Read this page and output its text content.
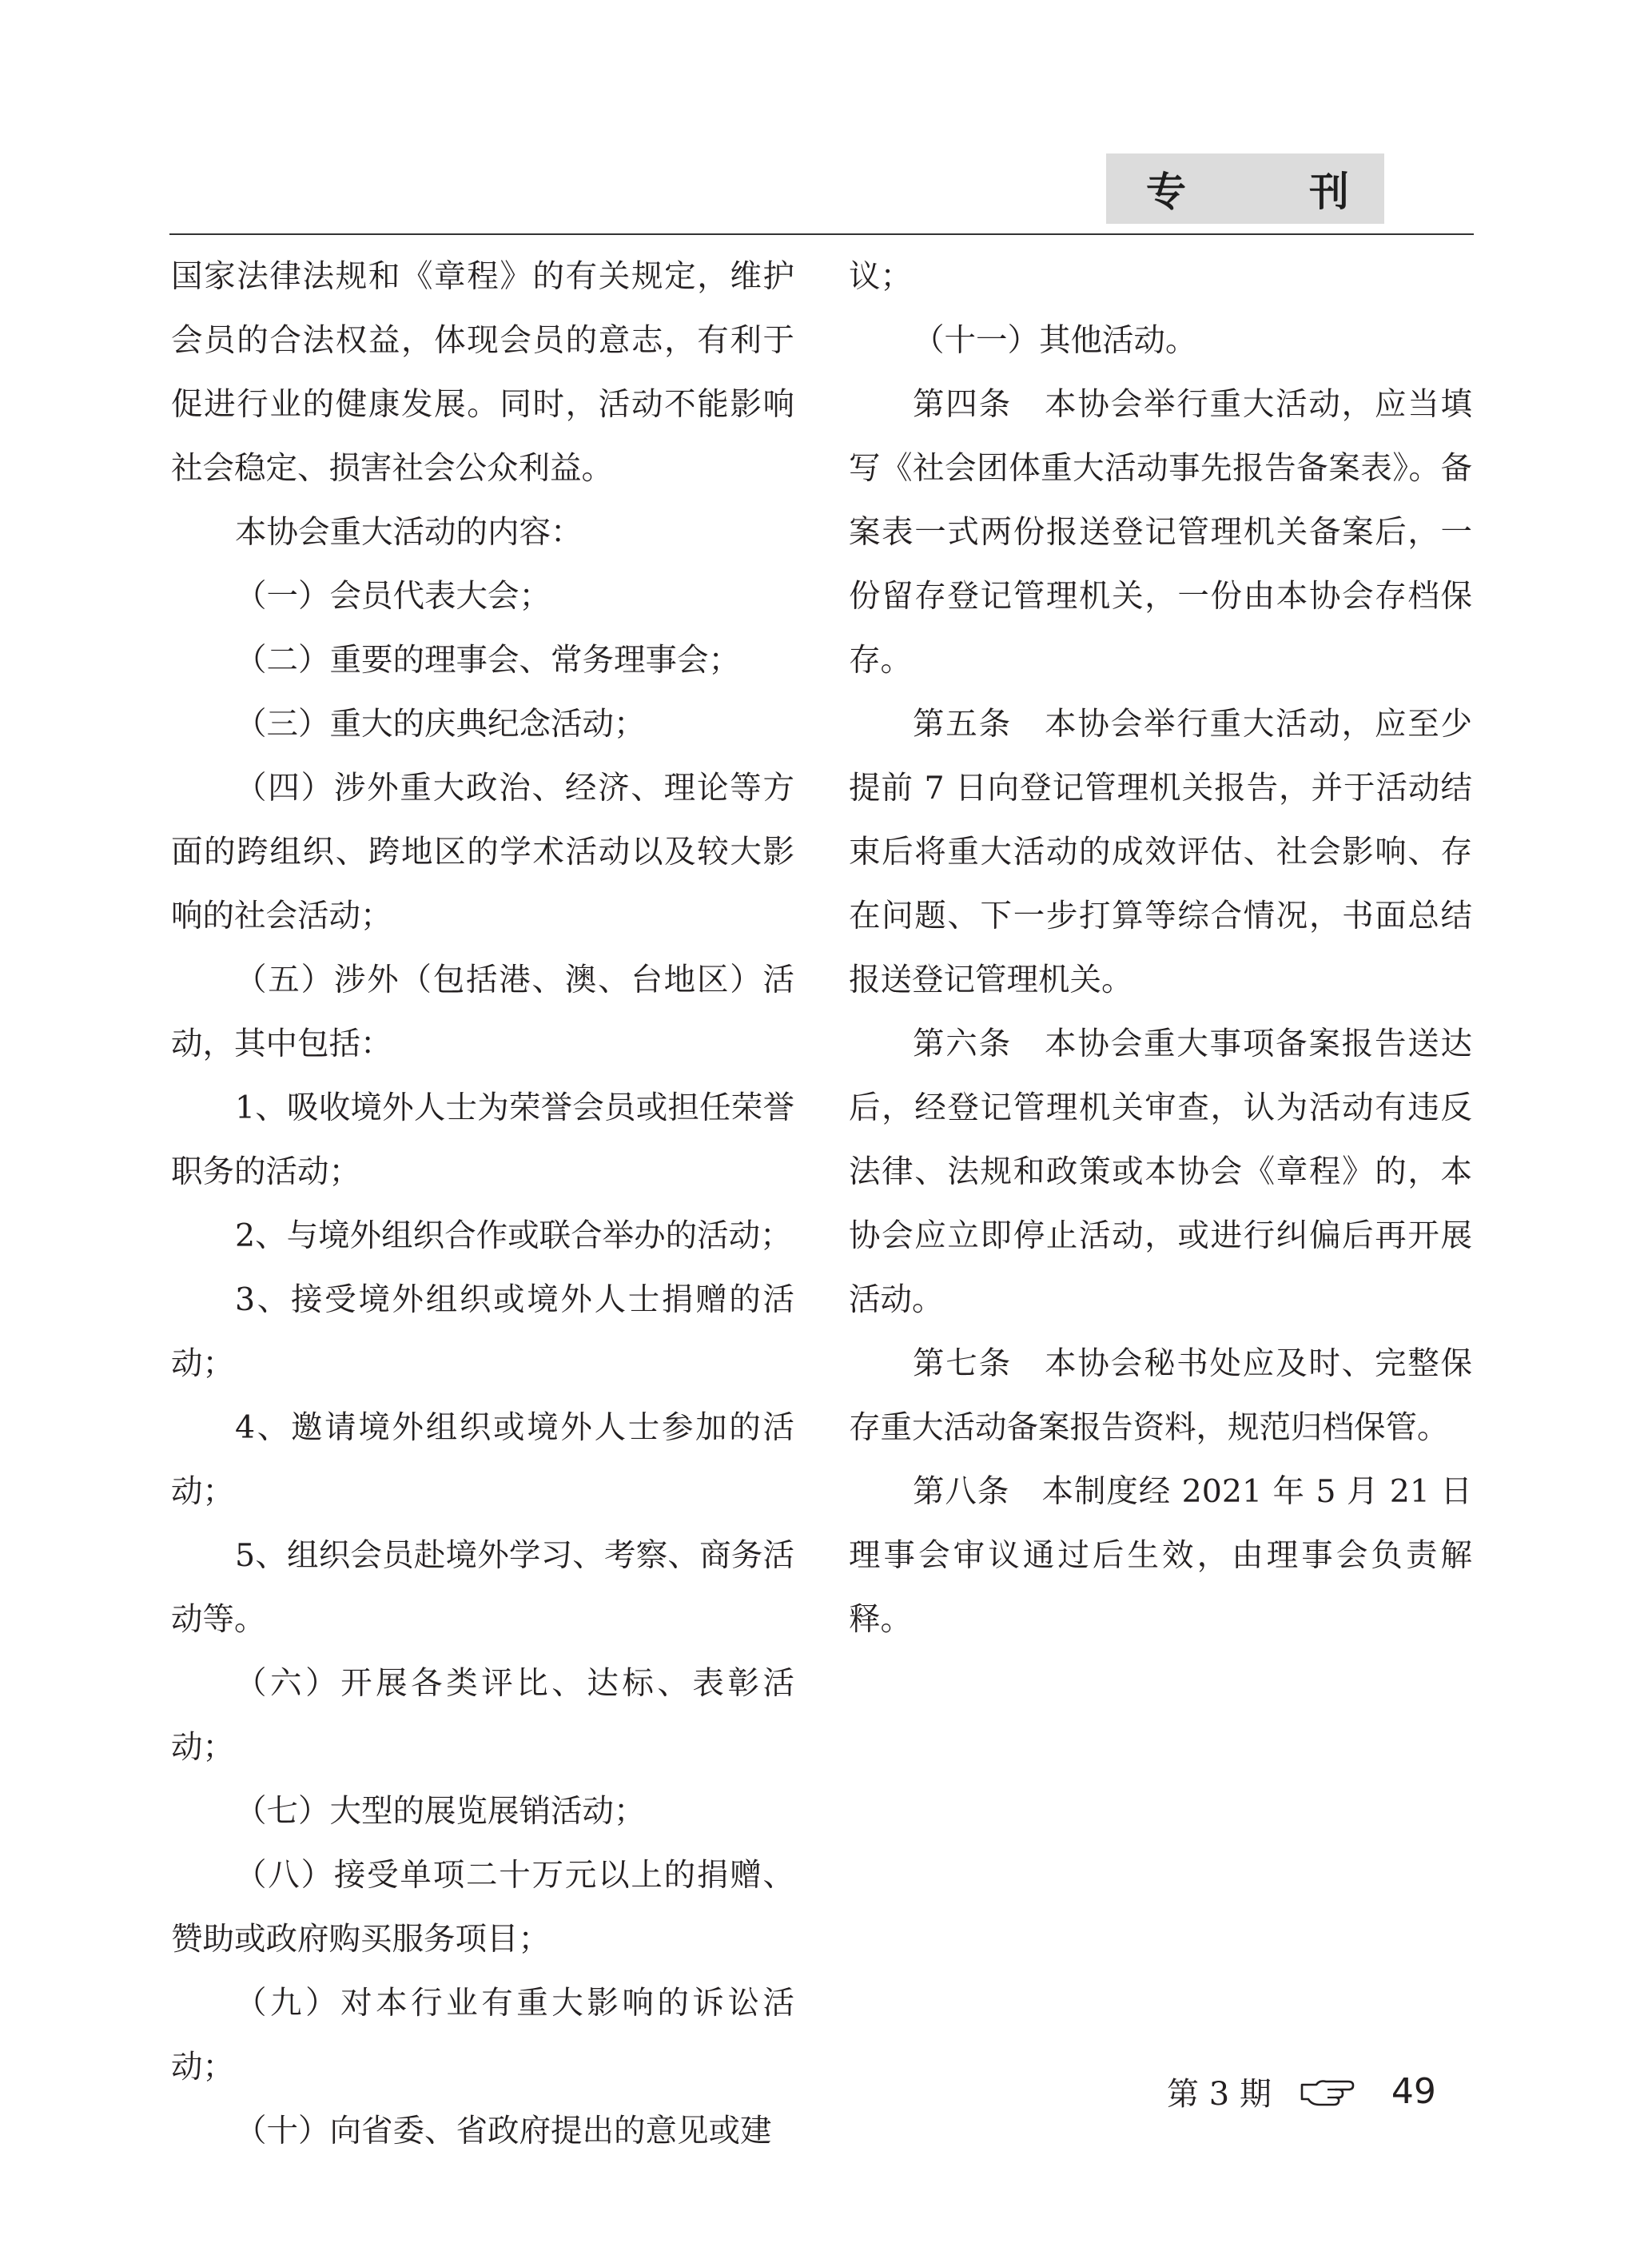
专	刊

国家法律法规和《章程》的有关规定，维护会员的合法权益，体现会员的意志，有利于促进行业的健康发展。同时，活动不能影响社会稳定、损害社会公众利益。

本协会重大活动的内容：

（一）会员代表大会；

（二）重要的理事会、常务理事会；

（三）重大的庆典纪念活动；

（四）涉外重大政治、经济、理论等方面的跨组织、跨地区的学术活动以及较大影响的社会活动；

（五）涉外（包括港、澳、台地区）活动，其中包括：

1、吸收境外人士为荣誉会员或担任荣誉职务的活动；

2、与境外组织合作或联合举办的活动；

3、接受境外组织或境外人士捐赠的活动；

4、邀请境外组织或境外人士参加的活动；

5、组织会员赴境外学习、考察、商务活动等。

（六）开展各类评比、达标、表彰活动；

（七）大型的展览展销活动；

（八）接受单项二十万元以上的捐赠、赞助或政府购买服务项目；

（九）对本行业有重大影响的诉讼活动；

（十）向省委、省政府提出的意见或建

议；

（十一）其他活动。

第四条　本协会举行重大活动，应当填写《社会团体重大活动事先报告备案表》。备案表一式两份报送登记管理机关备案后，一份留存登记管理机关，一份由本协会存档保存。

第五条　本协会举行重大活动，应至少提前 7 日向登记管理机关报告，并于活动结束后将重大活动的成效评估、社会影响、存在问题、下一步打算等综合情况，书面总结报送登记管理机关。

第六条　本协会重大事项备案报告送达后，经登记管理机关审查，认为活动有违反法律、法规和政策或本协会《章程》的，本协会应立即停止活动，或进行纠偏后再开展活动。

第七条　本协会秘书处应及时、完整保存重大活动备案报告资料，规范归档保管。

第八条　本制度经 2021 年 5 月 21 日理事会审议通过后生效，由理事会负责解释。

第 3 期	49
